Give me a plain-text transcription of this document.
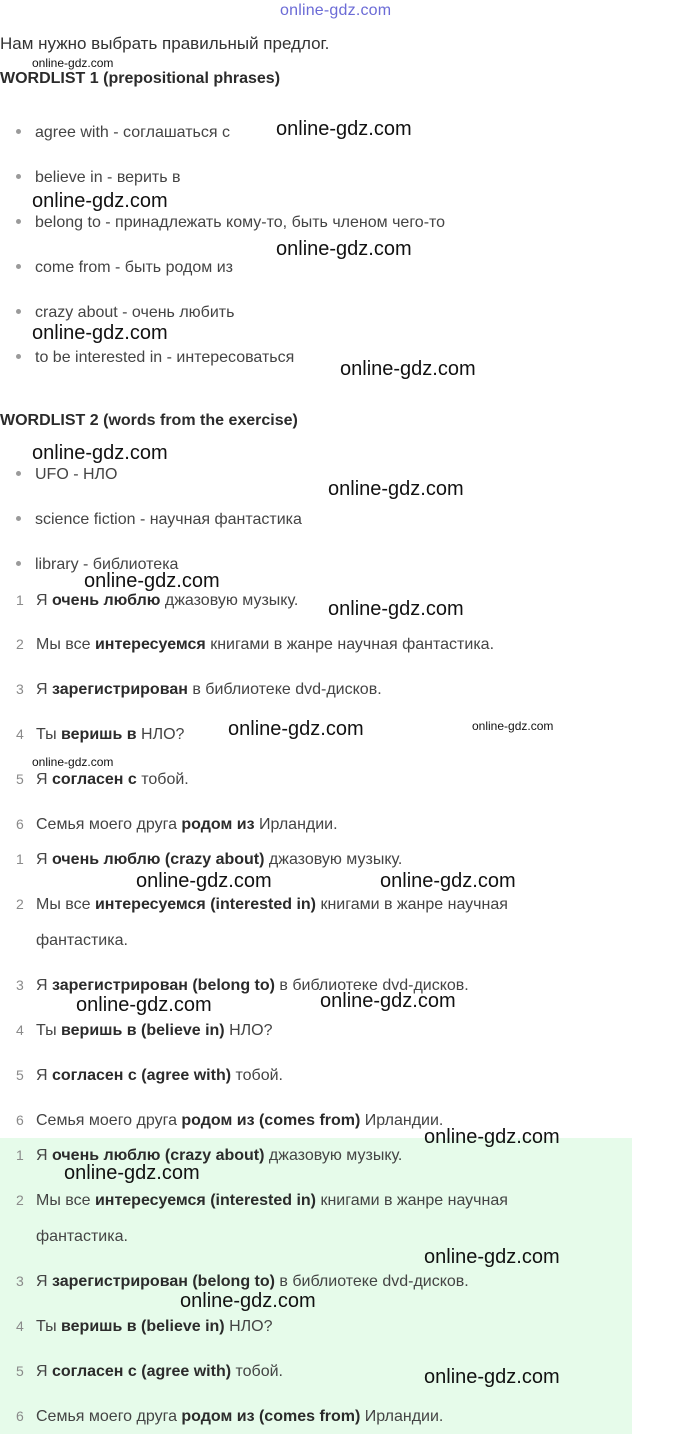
online-gdz.com
Нам нужно выбрать правильный предлог.
WORDLIST 1 (prepositional phrases)
agree with - соглашаться с
believe in - верить в
belong to - принадлежать кому-то, быть членом чего-то
come from - быть родом из
crazy about - очень любить
to be interested in - интересоваться
WORDLIST 2 (words from the exercise)
UFO - НЛО
science fiction - научная фантастика
library - библиотека
1 Я очень люблю джазовую музыку.
2 Мы все интересуемся книгами в жанре научная фантастика.
3 Я зарегистрирован в библиотеке dvd-дисков.
4 Ты веришь в НЛО?
5 Я согласен с тобой.
6 Семья моего друга родом из Ирландии.
1 Я очень люблю (crazy about) джазовую музыку.
2 Мы все интересуемся (interested in) книгами в жанре научная
фантастика.
3 Я зарегистрирован (belong to) в библиотеке dvd-дисков.
4 Ты веришь в (believe in) НЛО?
5 Я согласен с (agree with) тобой.
6 Семья моего друга родом из (comes from) Ирландии.
1 Я очень люблю (crazy about) джазовую музыку.
2 Мы все интересуемся (interested in) книгами в жанре научная
фантастика.
3 Я зарегистрирован (belong to) в библиотеке dvd-дисков.
4 Ты веришь в (believe in) НЛО?
5 Я согласен с (agree with) тобой.
6 Семья моего друга родом из (comes from) Ирландии.
online-gdz.com
online-gdz.com
online-gdz.com
online-gdz.com
online-gdz.com
online-gdz.com
online-gdz.com
online-gdz.com
online-gdz.com
online-gdz.com
online-gdz.com
online-gdz.com
online-gdz.com
online-gdz.com	online-gdz.com
online-gdz.com	online-gdz.com
online-gdz.com
online-gdz.com
online-gdz.com
online-gdz.com
online-gdz.com
